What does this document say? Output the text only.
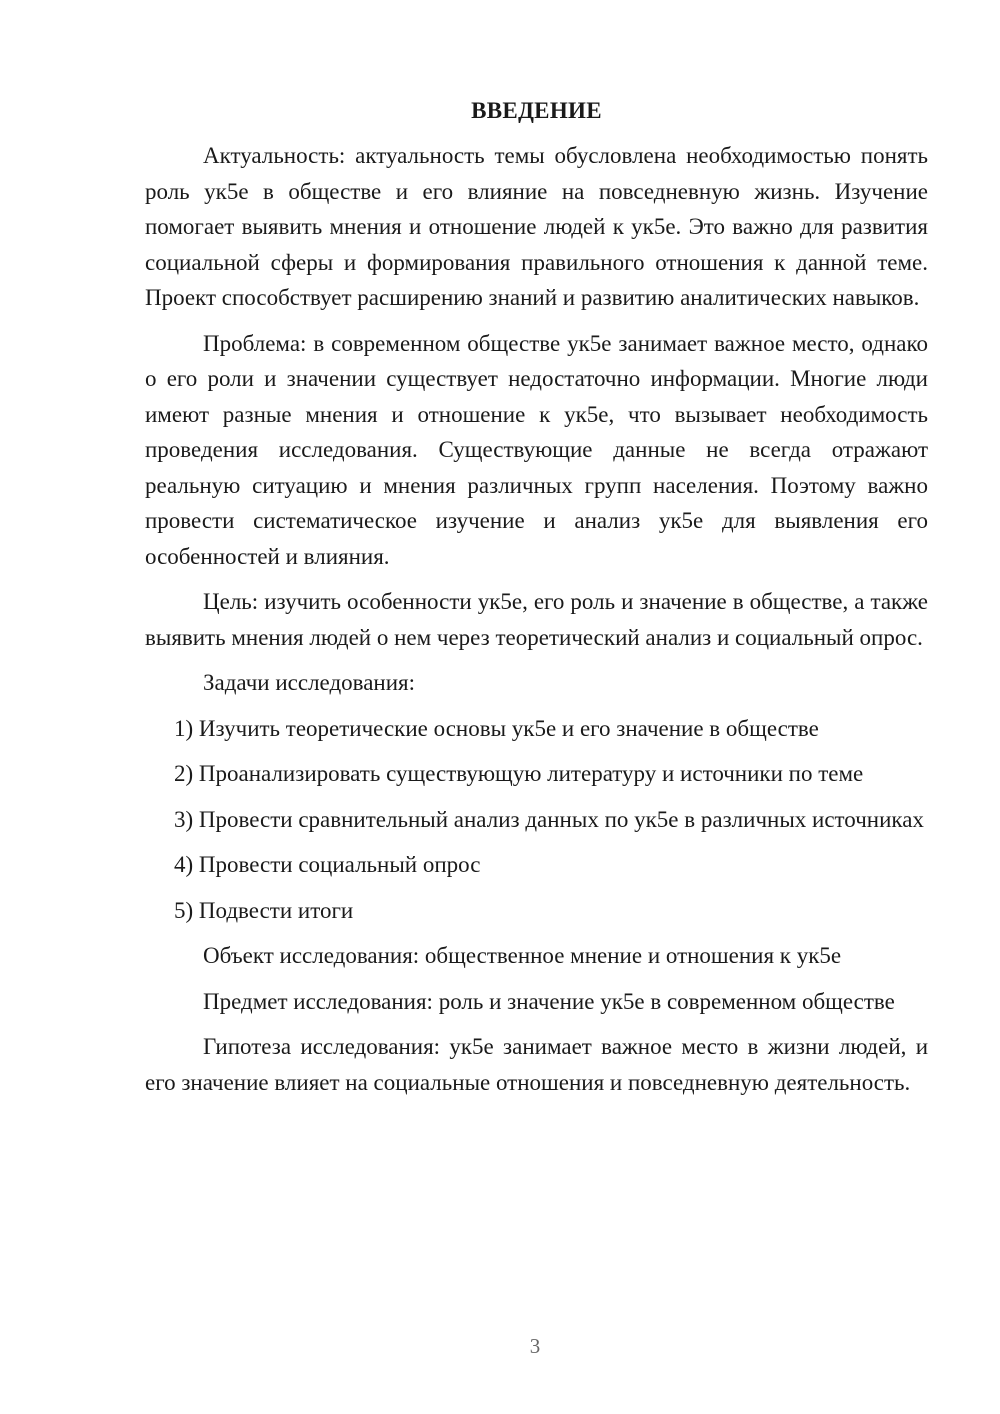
ВВЕДЕНИЕ

Актуальность: актуальность темы обусловлена необходимостью понять роль ук5е в обществе и его влияние на повседневную жизнь. Изучение помогает выявить мнения и отношение людей к ук5е. Это важно для развития социальной сферы и формирования правильного отношения к данной теме. Проект способствует расширению знаний и развитию аналитических навыков.

Проблема: в современном обществе ук5е занимает важное место, однако о его роли и значении существует недостаточно информации. Многие люди имеют разные мнения и отношение к ук5е, что вызывает необходимость проведения исследования. Существующие данные не всегда отражают реальную ситуацию и мнения различных групп населения. Поэтому важно провести систематическое изучение и анализ ук5е для выявления его особенностей и влияния.

Цель: изучить особенности ук5е, его роль и значение в обществе, а также выявить мнения людей о нем через теоретический анализ и социальный опрос.

Задачи исследования:

1) Изучить теоретические основы ук5е и его значение в обществе

2) Проанализировать существующую литературу и источники по теме

3) Провести сравнительный анализ данных по ук5е в различных источниках

4) Провести социальный опрос

5) Подвести итоги

Объект исследования: общественное мнение и отношения к ук5е

Предмет исследования: роль и значение ук5е в современном обществе

Гипотеза исследования: ук5е занимает важное место в жизни людей, и его значение влияет на социальные отношения и повседневную деятельность.

3
